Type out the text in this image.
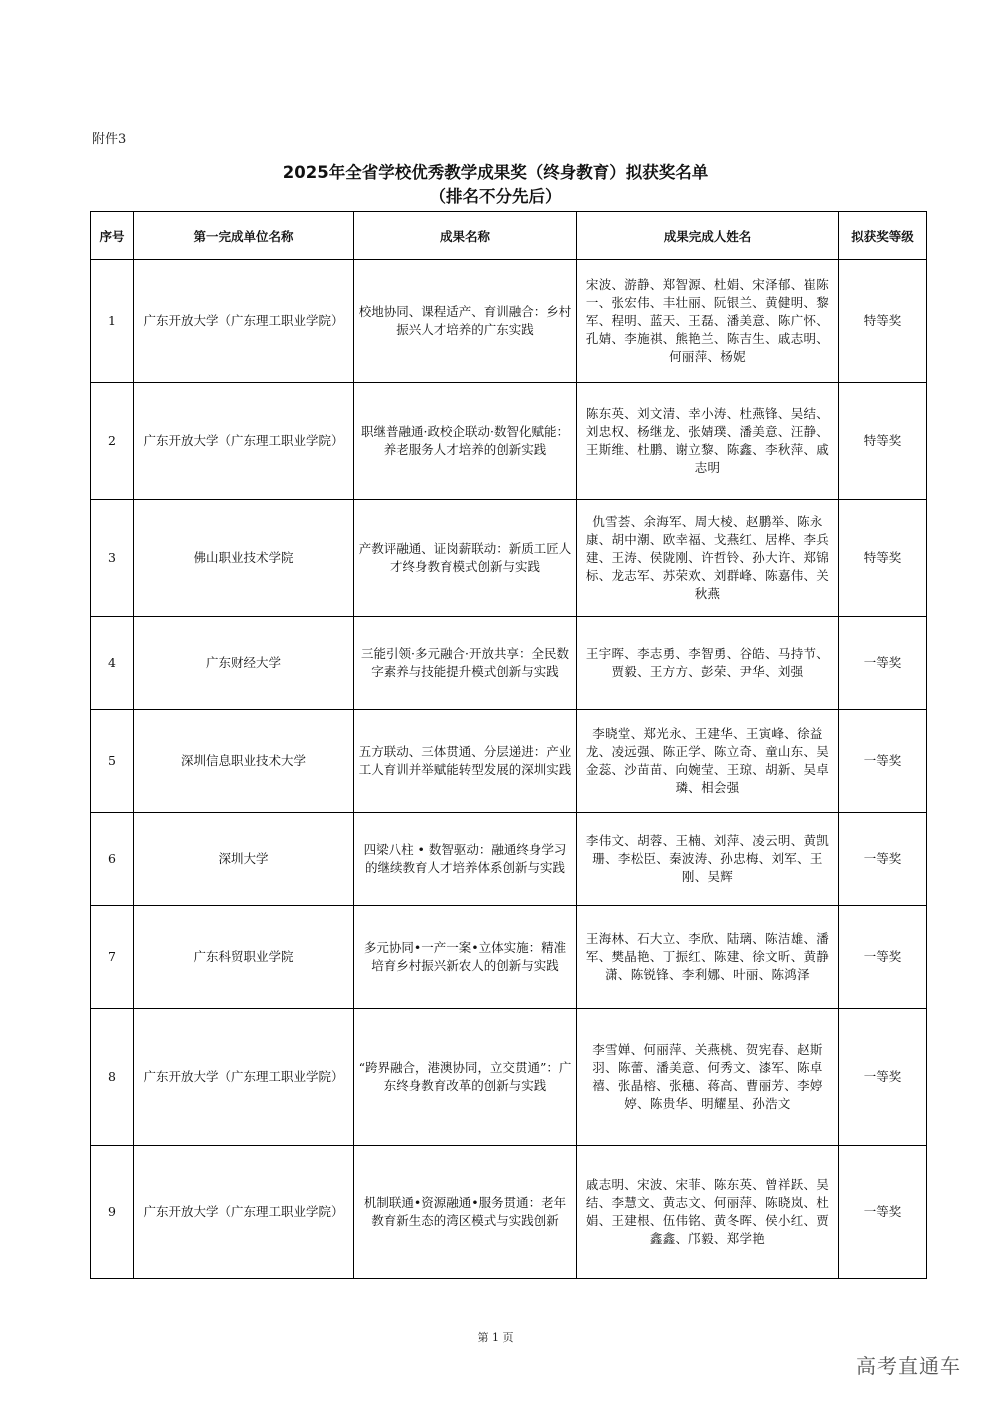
附件3
2025年全省学校优秀教学成果奖（终身教育）拟获奖名单
（排名不分先后）
序号	第一完成单位名称	成果名称	成果完成人姓名	拟获奖等级
1	广东开放大学（广东理工职业学院）	校地协同、课程适产、育训融合：乡村振兴人才培养的广东实践	宋波、游静、郑智源、杜娟、宋泽郁、崔陈一、张宏伟、丰壮丽、阮银兰、黄健明、黎军、程明、蓝天、王磊、潘美意、陈广怀、孔婧、李施祺、熊艳兰、陈吉生、戚志明、何丽萍、杨妮	特等奖
2	广东开放大学（广东理工职业学院）	职继普融通·政校企联动·数智化赋能：养老服务人才培养的创新实践	陈东英、刘文清、幸小涛、杜燕锋、吴结、刘忠权、杨继龙、张婧璞、潘美意、汪静、王斯维、杜鹏、谢立黎、陈鑫、李秋萍、戚志明	特等奖
3	佛山职业技术学院	产教评融通、证岗薪联动：新质工匠人才终身教育模式创新与实践	仇雪荟、余海军、周大棱、赵鹏举、陈永康、胡中潮、欧幸福、戈燕红、居桦、李兵建、王涛、侯陇刚、许哲铃、孙大许、郑锦标、龙志军、苏荣欢、刘群峰、陈嘉伟、关秋燕	特等奖
4	广东财经大学	三能引领·多元融合·开放共享：全民数字素养与技能提升模式创新与实践	王宇晖、李志勇、李智勇、谷皓、马持节、贾毅、王方方、彭荣、尹华、刘强	一等奖
5	深圳信息职业技术大学	五方联动、三体贯通、分层递进：产业工人育训并举赋能转型发展的深圳实践	李晓堂、郑光永、王建华、王寅峰、徐益龙、凌远强、陈正学、陈立奇、童山东、吴金蕊、沙苗苗、向婉莹、王琼、胡新、吴卓璘、相会强	一等奖
6	深圳大学	四梁八柱 • 数智驱动：融通终身学习的继续教育人才培养体系创新与实践	李伟文、胡蓉、王楠、刘萍、凌云明、黄凯珊、李松臣、秦波涛、孙忠梅、刘军、王刚、吴辉	一等奖
7	广东科贸职业学院	多元协同•一产一案•立体实施：精准培育乡村振兴新农人的创新与实践	王海林、石大立、李欣、陆璃、陈洁雄、潘军、樊晶艳、丁振红、陈建、徐文昕、黄静潇、陈锐锋、李利娜、叶丽、陈鸿泽	一等奖
8	广东开放大学（广东理工职业学院）	“跨界融合，港澳协同，立交贯通”：广东终身教育改革的创新与实践	李雪婵、何丽萍、关燕桃、贺宪春、赵斯羽、陈蕾、潘美意、何秀文、漆军、陈卓禧、张晶榕、张穗、蒋高、曹丽芳、李婷婷、陈贵华、明耀星、孙浩文	一等奖
9	广东开放大学（广东理工职业学院）	机制联通•资源融通•服务贯通：老年教育新生态的湾区模式与实践创新	戚志明、宋波、宋菲、陈东英、曾祥跃、吴结、李慧文、黄志文、何丽萍、陈晓岚、杜娟、王建根、伍伟铭、黄冬晖、侯小红、贾鑫鑫、邝毅、郑学艳	一等奖
第 1 页
高考直通车
